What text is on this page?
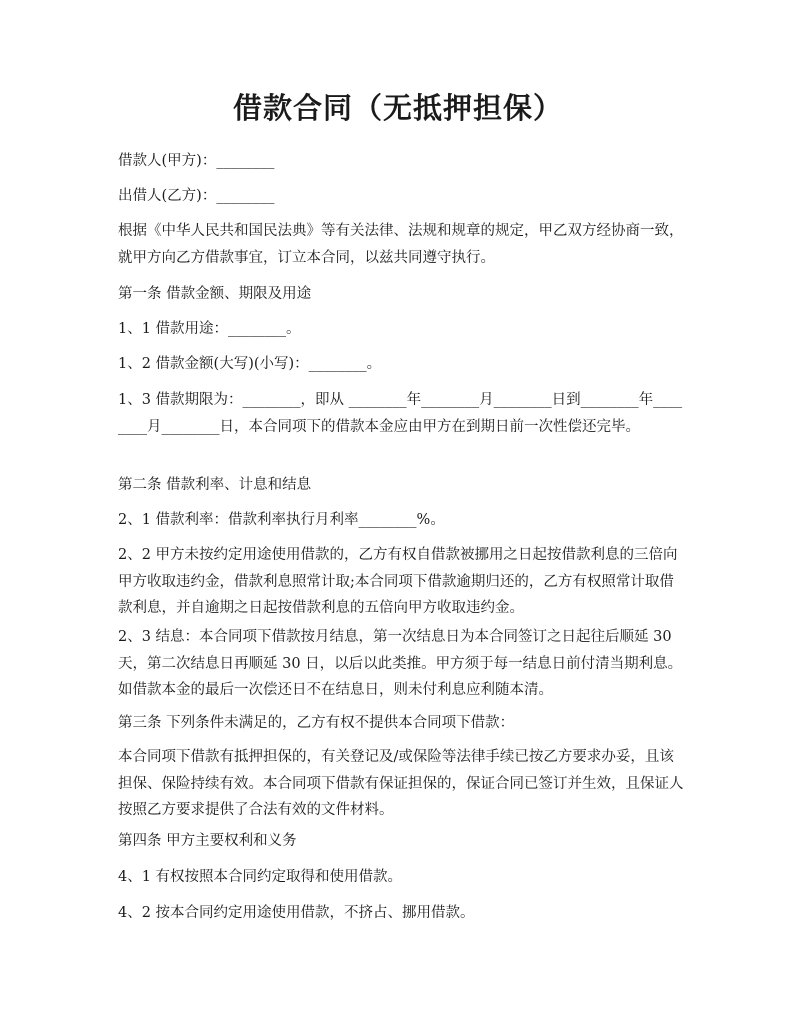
借款合同（无抵押担保）

借款人(甲方)：________

出借人(乙方)：________

根据《中华人民共和国民法典》等有关法律、法规和规章的规定，甲乙双方经协商一致，就甲方向乙方借款事宜，订立本合同，以兹共同遵守执行。

第一条 借款金额、期限及用途

1、1 借款用途：________。

1、2 借款金额(大写)(小写)：________。

1、3 借款期限为：________，即从 ________年________月________日到________年________月________日，本合同项下的借款本金应由甲方在到期日前一次性偿还完毕。

第二条 借款利率、计息和结息

2、1 借款利率：借款利率执行月利率________%。

2、2 甲方未按约定用途使用借款的，乙方有权自借款被挪用之日起按借款利息的三倍向甲方收取违约金，借款利息照常计取;本合同项下借款逾期归还的，乙方有权照常计取借款利息，并自逾期之日起按借款利息的五倍向甲方收取违约金。

2、3 结息：本合同项下借款按月结息，第一次结息日为本合同签订之日起往后顺延 30 天，第二次结息日再顺延 30 日，以后以此类推。甲方须于每一结息日前付清当期利息。如借款本金的最后一次偿还日不在结息日，则未付利息应利随本清。

第三条 下列条件未满足的，乙方有权不提供本合同项下借款：

本合同项下借款有抵押担保的，有关登记及/或保险等法律手续已按乙方要求办妥，且该担保、保险持续有效。本合同项下借款有保证担保的，保证合同已签订并生效，且保证人按照乙方要求提供了合法有效的文件材料。

第四条 甲方主要权利和义务

4、1 有权按照本合同约定取得和使用借款。

4、2 按本合同约定用途使用借款，不挤占、挪用借款。
